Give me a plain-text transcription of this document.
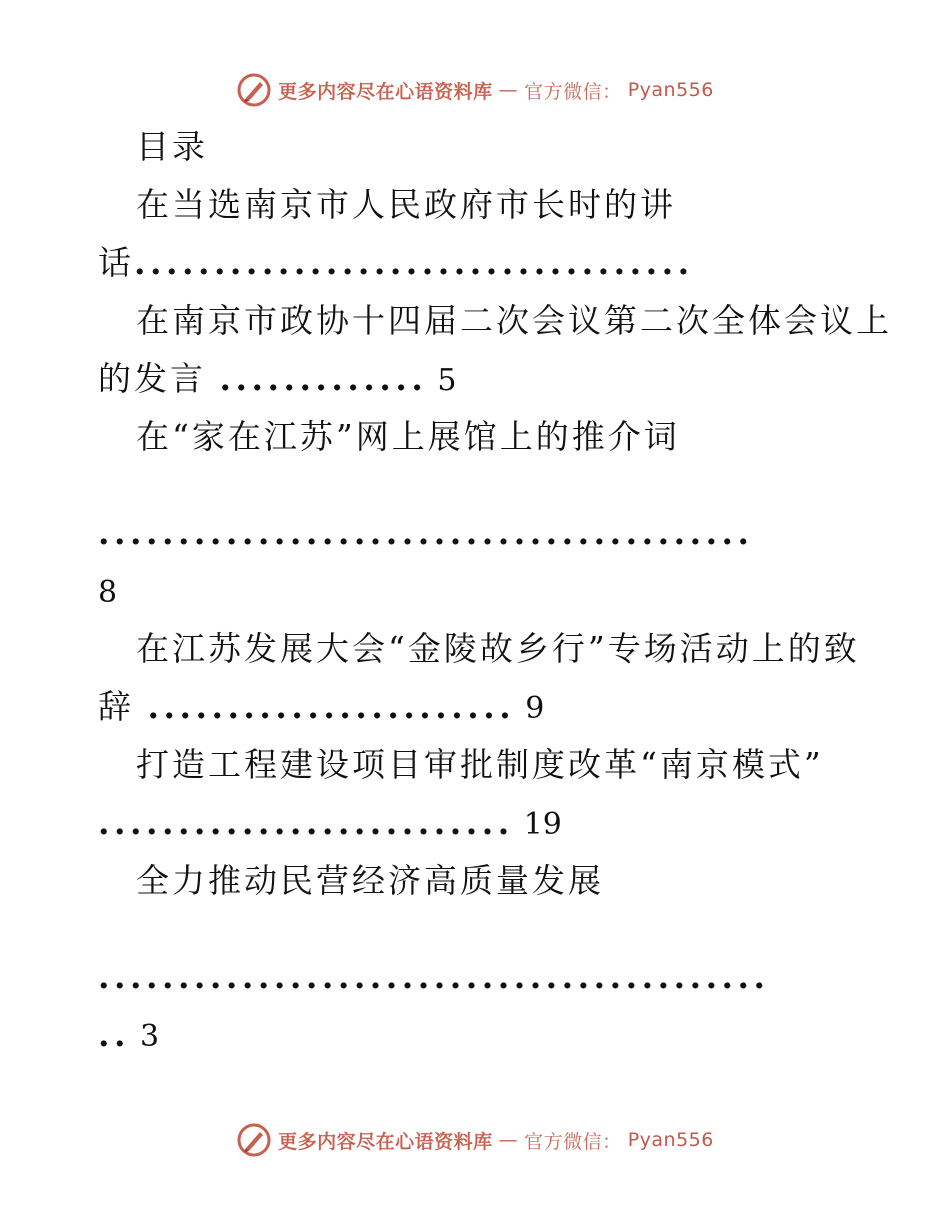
更多内容尽在心语资料库 — 官方微信： Pyan556
目录
在当选南京市人民政府市长时的讲
话...................................
在南京市政协十四届二次会议第二次全体会议上
的发言 ............. 5
在“家在江苏”网上展馆上的推介词
.........................................
8
在江苏发展大会“金陵故乡行”专场活动上的致
辞 ....................... 9
打造工程建设项目审批制度改革“南京模式”
.......................... 19
全力推动民营经济高质量发展
..........................................
.. 3
更多内容尽在心语资料库 — 官方微信： Pyan556
